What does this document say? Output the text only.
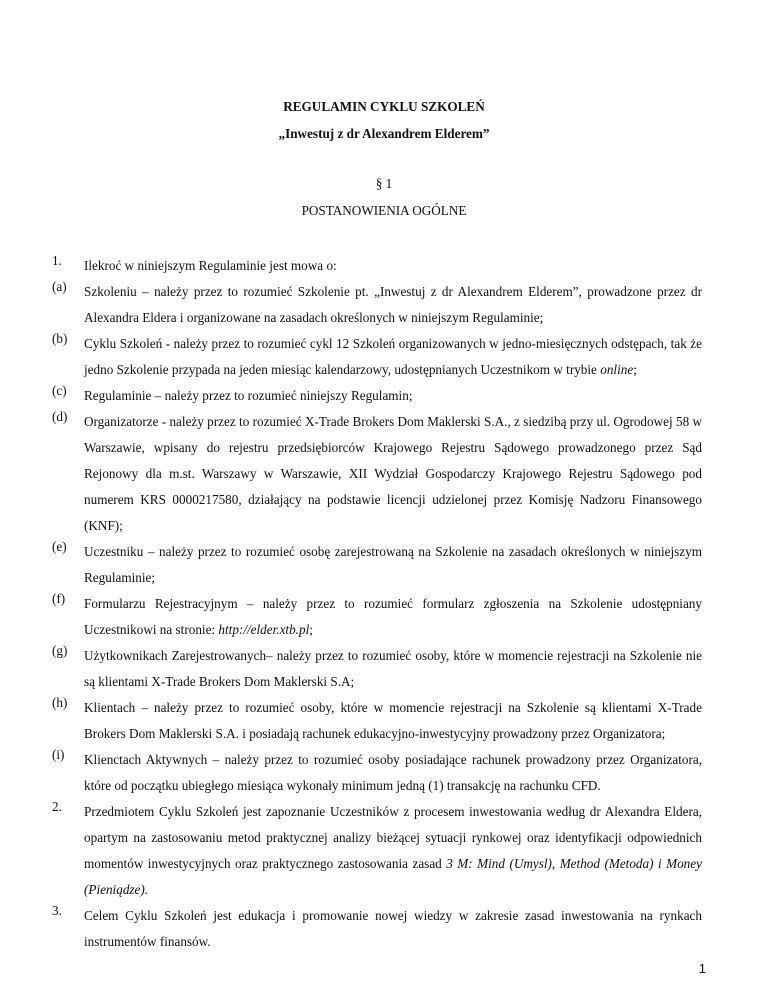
REGULAMIN CYKLU SZKOLEŃ
„Inwestuj z dr Alexandrem Elderem”
§ 1
POSTANOWIENIA OGÓLNE
1. Ilekroć w niniejszym Regulaminie jest mowa o:
(a) Szkoleniu – należy przez to rozumieć Szkolenie pt. „Inwestuj z dr Alexandrem Elderem”, prowadzone przez dr Alexandra Eldera i organizowane na zasadach określonych w niniejszym Regulaminie;
(b) Cyklu Szkoleń - należy przez to rozumieć cykl 12 Szkoleń organizowanych w jedno-miesięcznych odstępach, tak że jedno Szkolenie przypada na jeden miesiąc kalendarzowy, udostępnianych Uczestnikom w trybie online;
(c) Regulaminie – należy przez to rozumieć niniejszy Regulamin;
(d) Organizatorze - należy przez to rozumieć X-Trade Brokers Dom Maklerski S.A., z siedzibą przy ul. Ogrodowej 58 w Warszawie, wpisany do rejestru przedsiębiorców Krajowego Rejestru Sądowego prowadzonego przez Sąd Rejonowy dla m.st. Warszawy w Warszawie, XII Wydział Gospodarczy Krajowego Rejestru Sądowego pod numerem KRS 0000217580, działający na podstawie licencji udzielonej przez Komisję Nadzoru Finansowego (KNF);
(e) Uczestniku – należy przez to rozumieć osobę zarejestrowaną na Szkolenie na zasadach określonych w niniejszym Regulaminie;
(f) Formularzu Rejestracyjnym – należy przez to rozumieć formularz zgłoszenia na Szkolenie udostępniany Uczestnikowi na stronie: http://elder.xtb.pl;
(g) Użytkownikach Zarejestrowanych– należy przez to rozumieć osoby, które w momencie rejestracji na Szkolenie nie są klientami X-Trade Brokers Dom Maklerski S.A;
(h) Klientach – należy przez to rozumieć osoby, które w momencie rejestracji na Szkolenie są klientami X-Trade Brokers Dom Maklerski S.A. i posiadają rachunek edukacyjno-inwestycyjny prowadzony przez Organizatora;
(i) Klienctach Aktywnych – należy przez to rozumieć osoby posiadające rachunek prowadzony przez Organizatora, które od początku ubiegłego miesiąca wykonały minimum jedną (1) transakcję na rachunku CFD.
2. Przedmiotem Cyklu Szkoleń jest zapoznanie Uczestników z procesem inwestowania według dr Alexandra Eldera, opartym na zastosowaniu metod praktycznej analizy bieżącej sytuacji rynkowej oraz identyfikacji odpowiednich momentów inwestycyjnych oraz praktycznego zastosowania zasad 3 M: Mind (Umysl), Method (Metoda) i Money (Pieniądze).
3. Celem Cyklu Szkoleń jest edukacja i promowanie nowej wiedzy w zakresie zasad inwestowania na rynkach instrumentów finansów.
1
